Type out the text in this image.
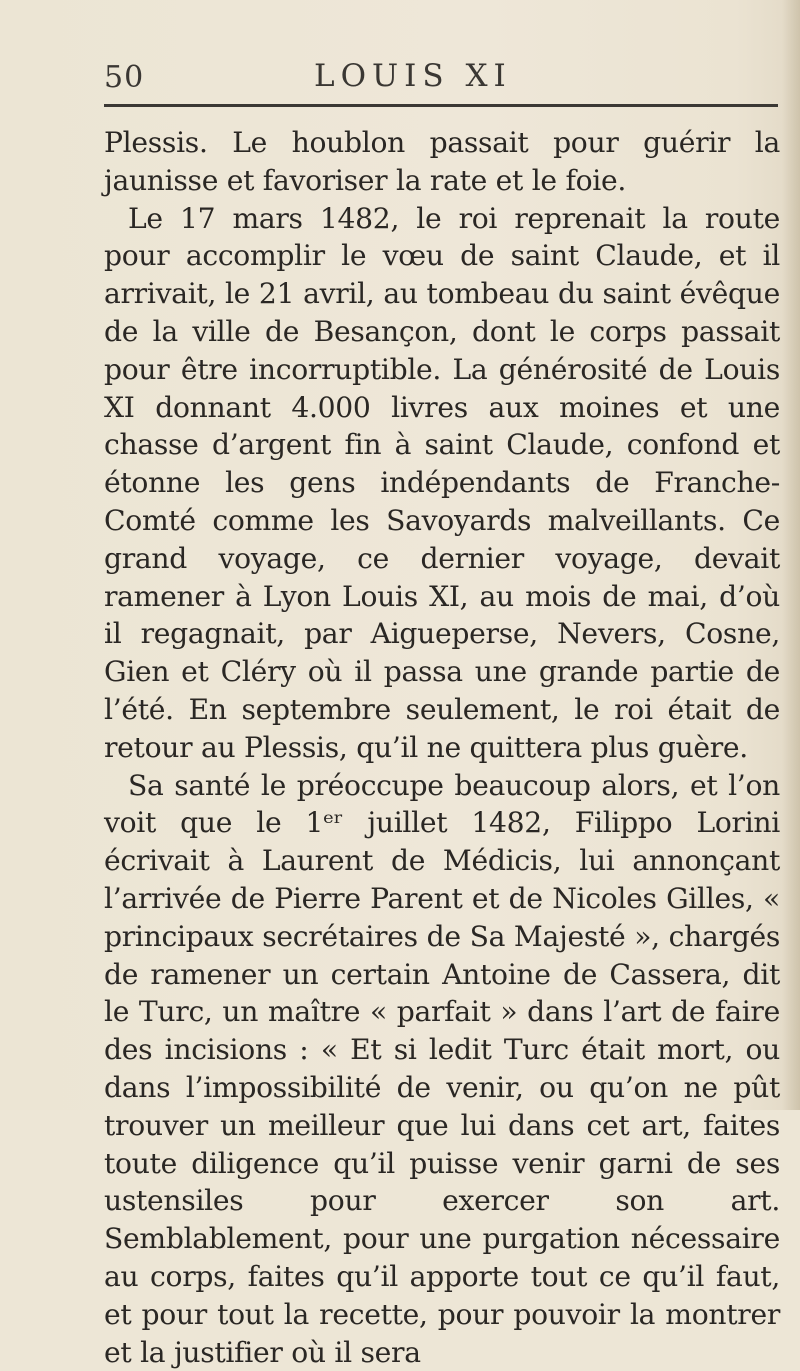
50	LOUIS XI

Plessis. Le houblon passait pour guérir la jaunisse et favoriser la rate et le foie.

Le 17 mars 1482, le roi reprenait la route pour accomplir le vœu de saint Claude, et il arrivait, le 21 avril, au tombeau du saint évêque de la ville de Besançon, dont le corps passait pour être incorruptible. La générosité de Louis XI donnant 4.000 livres aux moines et une chasse d’argent fin à saint Claude, confond et étonne les gens indépendants de Franche-Comté comme les Savoyards malveillants. Ce grand voyage, ce dernier voyage, devait ramener à Lyon Louis XI, au mois de mai, d’où il regagnait, par Aigueperse, Nevers, Cosne, Gien et Cléry où il passa une grande partie de l’été. En septembre seulement, le roi était de retour au Plessis, qu’il ne quittera plus guère.

Sa santé le préoccupe beaucoup alors, et l’on voit que le 1ᵉʳ juillet 1482, Filippo Lorini écrivait à Laurent de Médicis, lui annonçant l’arrivée de Pierre Parent et de Nicoles Gilles, « principaux secrétaires de Sa Majesté », chargés de ramener un certain Antoine de Cassera, dit le Turc, un maître « parfait » dans l’art de faire des incisions : « Et si ledit Turc était mort, ou dans l’impossibilité de venir, ou qu’on ne pût trouver un meilleur que lui dans cet art, faites toute diligence qu’il puisse venir garni de ses ustensiles pour exercer son art. Semblablement, pour une purgation nécessaire au corps, faites qu’il apporte tout ce qu’il faut, et pour tout la recette, pour pouvoir la montrer et la justifier où il sera
